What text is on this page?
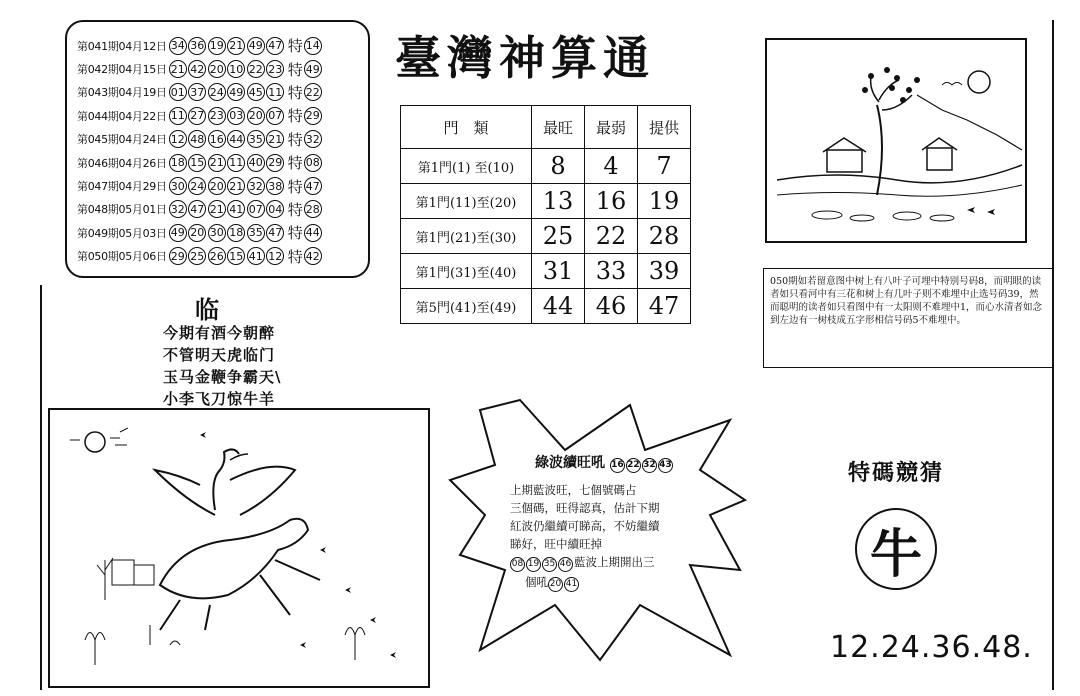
第041期04月12日 34 36 19 21 49 47 特 14
第042期04月15日 21 42 20 10 22 23 特 49
第043期04月19日 01 37 24 49 45 11 特 22
第044期04月22日 11 27 23 03 20 07 特 29
第045期04月24日 12 48 16 44 35 21 特 32
第046期04月26日 18 15 21 11 40 29 特 08
第047期04月29日 30 24 20 21 32 38 特 47
第048期05月01日 32 47 21 41 07 04 特 28
第049期05月03日 49 20 30 18 35 47 特 44
第050期05月06日 29 25 26 15 41 12 特 42
臺灣神算通
門　類	最旺	最弱	提供
第1門(1) 至(10)	8	4	7
第1門(11)至(20)	13	16	19
第1門(21)至(30)	25	22	28
第1門(31)至(40)	31	33	39
第5門(41)至(49)	44	46	47
050期如若留意图中树上有八叶子可埋中特别号码8，而明眼的读者如只看河中有三花和树上有几叶子则不难埋中止选号码39，然而聪明的读者如只看图中有一太阳则不难埋中1，而心水清者如念到左边有一树枝成五字形相信号码5不难埋中。
临
今期有酒今朝醉
不管明天虎临门
玉马金鞭争霸天\
小李飞刀惊牛羊
綠波續旺吼 16 22 32 43
上期藍波旺，七個號碼占
三個碼，旺得認真，估計下期
紅波仍繼續可睇高，不妨繼續
睇好，旺中續旺掉
08 19 35 46 藍波上期開出三
個吼 20 41
特碼競猜
牛
12.24.36.48.
